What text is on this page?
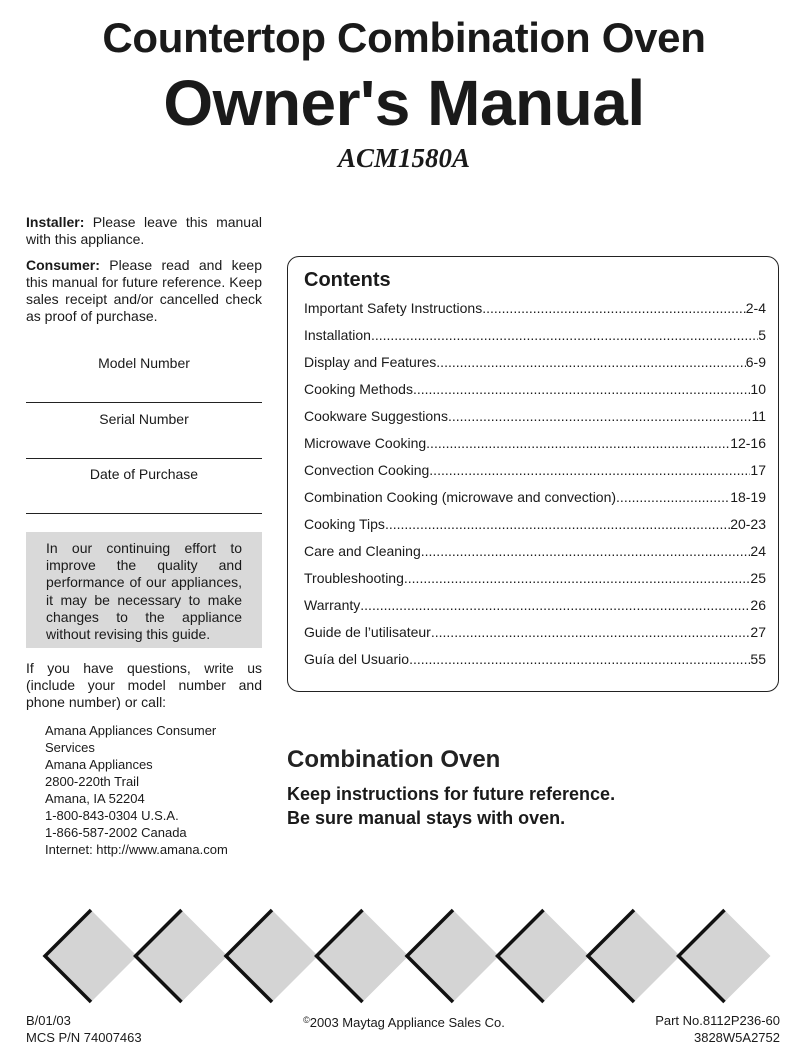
Countertop Combination Oven
Owner's Manual
ACM1580A

Installer: Please leave this manual with this appliance.

Consumer: Please read and keep this manual for future reference. Keep sales receipt and/or cancelled check as proof of purchase.

Model Number
Serial Number
Date of Purchase
In our continuing effort to improve the quality and performance of our appliances, it may be necessary to make changes to the appliance without revising this guide.
If you have questions, write us (include your model number and phone number) or call:
Amana Appliances Consumer
Services
Amana Appliances
2800-220th Trail
Amana, IA 52204
1-800-843-0304 U.S.A.
1-866-587-2002 Canada
Internet: http://www.amana.com
Contents
Important Safety Instructions .....	2-4
Installation .....	5
Display and Features .....	6-9
Cooking Methods .....	10
Cookware Suggestions .....	11
Microwave Cooking .....	12-16
Convection Cooking .....	17
Combination Cooking (microwave and convection) .....	18-19
Cooking Tips .....	20-23
Care and Cleaning .....	24
Troubleshooting .....	25
Warranty .....	26
Guide de l’utilisateur .....	27
Guía del Usuario .....	55
Combination Oven
Keep instructions for future reference.
Be sure manual stays with oven.
B/01/03
MCS P/N 74007463
©2003 Maytag Appliance Sales Co.	Part No.8112P236-60
3828W5A2752
